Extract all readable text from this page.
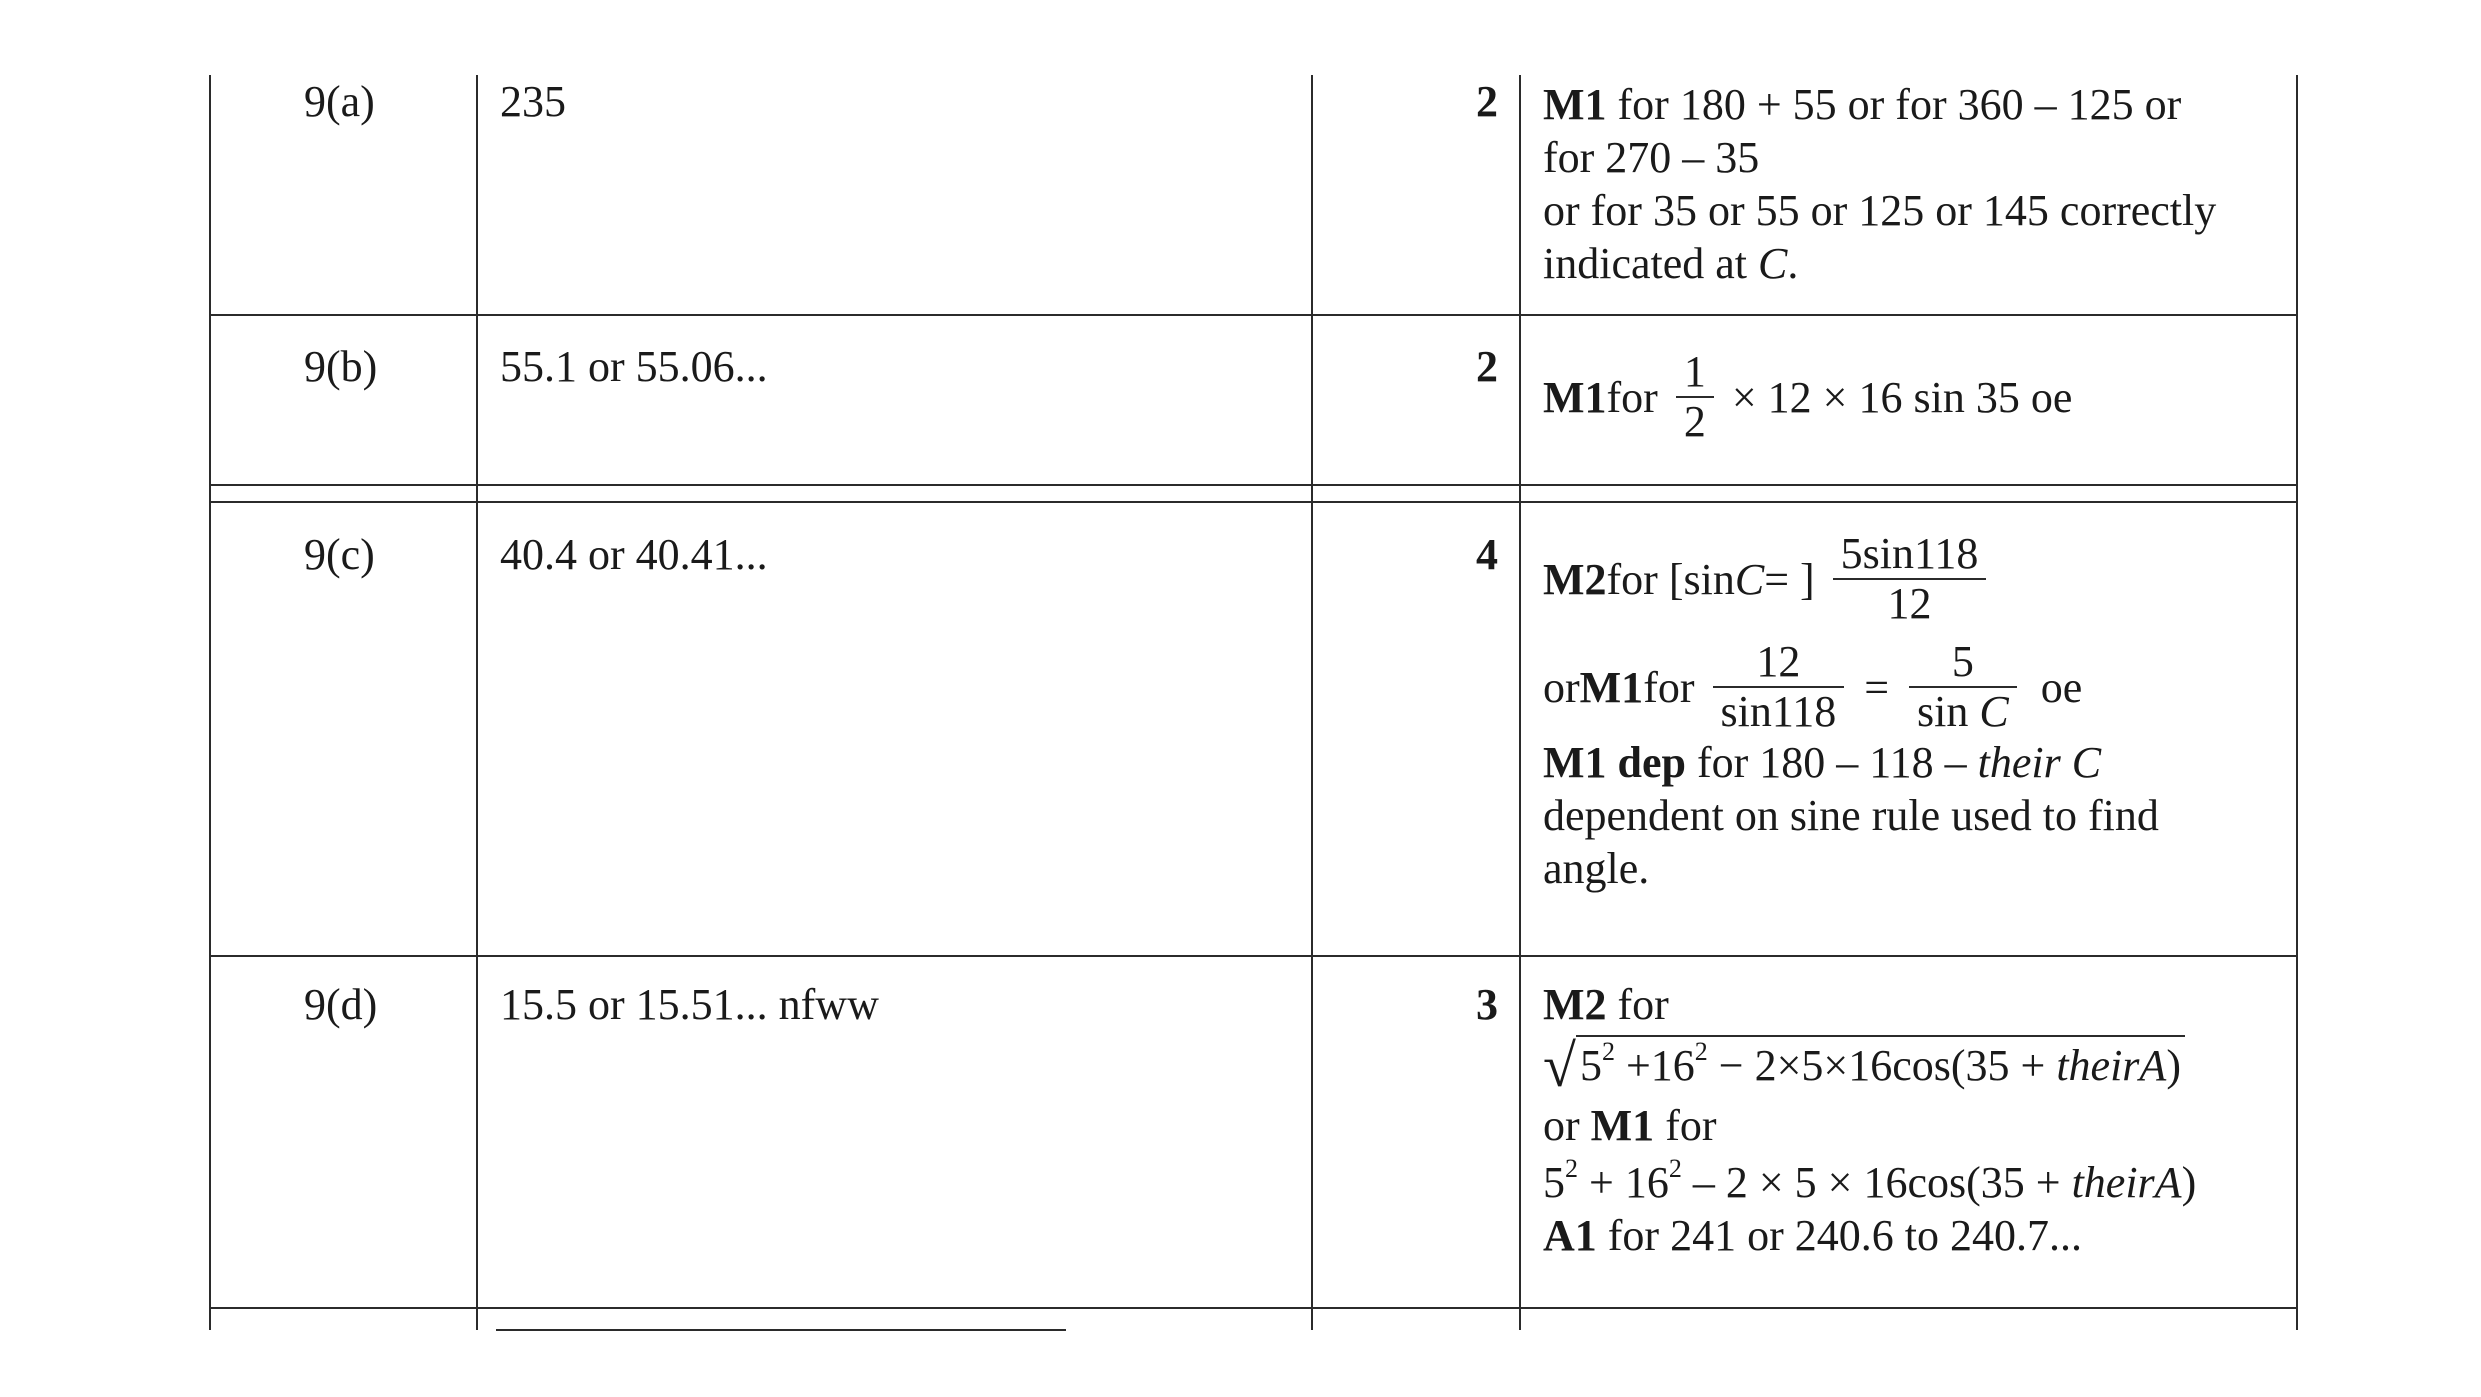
9(a)	235	2 M1 for 180 + 55 or for 360 – 125 or
for 270 – 35
or for 35 or 55 or 125 or 145 correctly
indicated at C.
9(b)	55.1 or 55.06...	2
M1 for $\frac{1}{2} \times 12 \times 16$ sin 35 oe
9(c)	40.4 or 40.41...	4 M2 for [sin C = ] $\frac{5\sin 118}{12}$
or M1 for $\frac{12}{\sin 118} = \frac{5}{\text{sin C}}$ oe
M1 dep for 180 – 118 – their C
dependent on sine rule used to find
angle.
9(d)	15.5 or 15.51... nfww	3 M2 for
$√5^2 +16^2 - 2\times 5\times 16\cos(35$ + theirA)
or M1 for
$5^2 + 16^2 - 2 \times 5 \times 16\cos(35$ + theirA)
A1 for 241 or 240.6 to 240.7...
